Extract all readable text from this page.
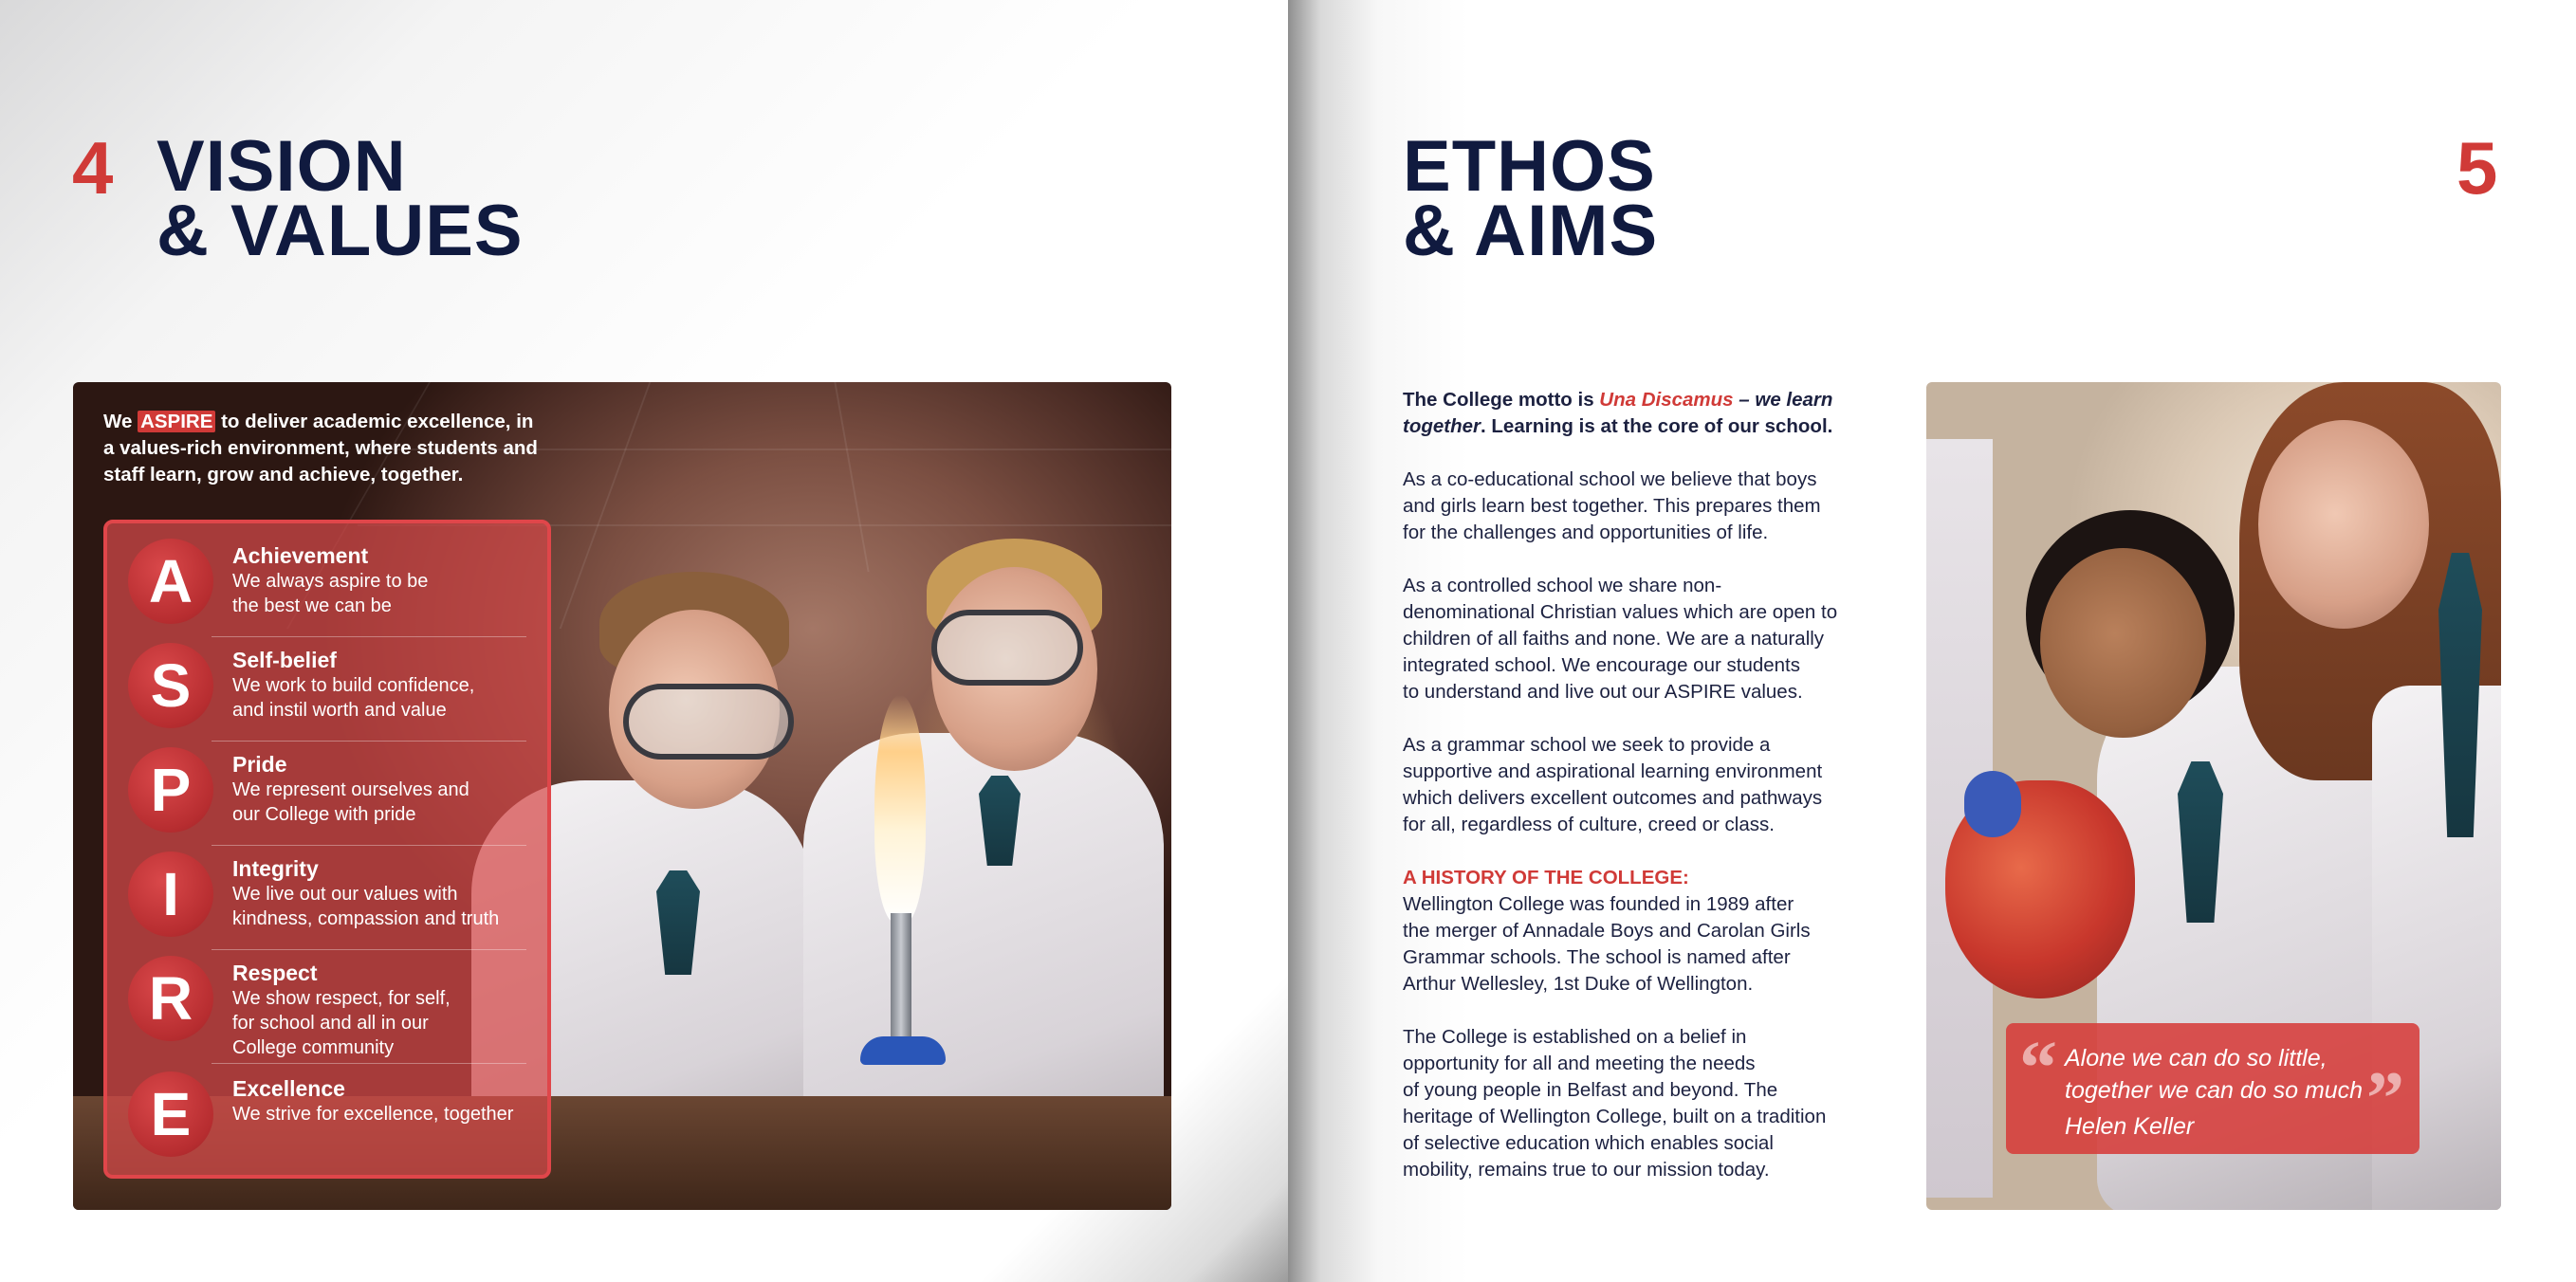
4 VISION
& VALUES
We ASPIRE to deliver academic excellence, in a values-rich environment, where students and staff learn, grow and achieve, together.
A	Achievement
We always aspire to be
the best we can be
S	Self-belief
We work to build confidence,
and instil worth and value
P	Pride
We represent ourselves and
our College with pride
I	Integrity
We live out our values with
kindness, compassion and truth
R	Respect
We show respect, for self,
for school and all in our
College community
E	Excellence
We strive for excellence, together
ETHOS
& AIMS
5

The College motto is Una Discamus – we learn together. Learning is at the core of our school.

As a co-educational school we believe that boys
and girls learn best together. This prepares them
for the challenges and opportunities of life.

As a controlled school we share non-
denominational Christian values which are open to
children of all faiths and none. We are a naturally
integrated school. We encourage our students
to understand and live out our ASPIRE values.

As a grammar school we seek to provide a
supportive and aspirational learning environment
which delivers excellent outcomes and pathways
for all, regardless of culture, creed or class.

A HISTORY OF THE COLLEGE:
Wellington College was founded in 1989 after
the merger of Annadale Boys and Carolan Girls
Grammar schools. The school is named after
Arthur Wellesley, 1st Duke of Wellington.

The College is established on a belief in
opportunity for all and meeting the needs
of young people in Belfast and beyond. The
heritage of Wellington College, built on a tradition
of selective education which enables social
mobility, remains true to our mission today.

“ Alone we can do so little,
together we can do so much ”
Helen Keller
